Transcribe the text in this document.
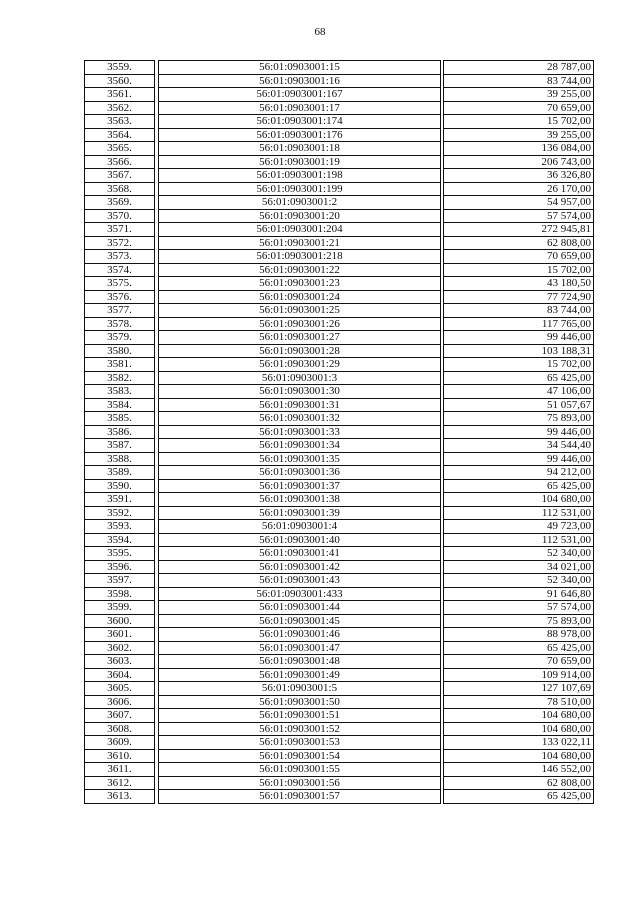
68
3559.		56:01:0903001:15		28 787,00
3560.		56:01:0903001:16		83 744,00
3561.		56:01:0903001:167		39 255,00
3562.		56:01:0903001:17		70 659,00
3563.		56:01:0903001:174		15 702,00
3564.		56:01:0903001:176		39 255,00
3565.		56:01:0903001:18		136 084,00
3566.		56:01:0903001:19		206 743,00
3567.		56:01:0903001:198		36 326,80
3568.		56:01:0903001:199		26 170,00
3569.		56:01:0903001:2		54 957,00
3570.		56:01:0903001:20		57 574,00
3571.		56:01:0903001:204		272 945,81
3572.		56:01:0903001:21		62 808,00
3573.		56:01:0903001:218		70 659,00
3574.		56:01:0903001:22		15 702,00
3575.		56:01:0903001:23		43 180,50
3576.		56:01:0903001:24		77 724,90
3577.		56:01:0903001:25		83 744,00
3578.		56:01:0903001:26		117 765,00
3579.		56:01:0903001:27		99 446,00
3580.		56:01:0903001:28		103 188,31
3581.		56:01:0903001:29		15 702,00
3582.		56:01:0903001:3		65 425,00
3583.		56:01:0903001:30		47 106,00
3584.		56:01:0903001:31		51 057,67
3585.		56:01:0903001:32		75 893,00
3586.		56:01:0903001:33		99 446,00
3587.		56:01:0903001:34		34 544,40
3588.		56:01:0903001:35		99 446,00
3589.		56:01:0903001:36		94 212,00
3590.		56:01:0903001:37		65 425,00
3591.		56:01:0903001:38		104 680,00
3592.		56:01:0903001:39		112 531,00
3593.		56:01:0903001:4		49 723,00
3594.		56:01:0903001:40		112 531,00
3595.		56:01:0903001:41		52 340,00
3596.		56:01:0903001:42		34 021,00
3597.		56:01:0903001:43		52 340,00
3598.		56:01:0903001:433		91 646,80
3599.		56:01:0903001:44		57 574,00
3600.		56:01:0903001:45		75 893,00
3601.		56:01:0903001:46		88 978,00
3602.		56:01:0903001:47		65 425,00
3603.		56:01:0903001:48		70 659,00
3604.		56:01:0903001:49		109 914,00
3605.		56:01:0903001:5		127 107,69
3606.		56:01:0903001:50		78 510,00
3607.		56:01:0903001:51		104 680,00
3608.		56:01:0903001:52		104 680,00
3609.		56:01:0903001:53		133 022,11
3610.		56:01:0903001:54		104 680,00
3611.		56:01:0903001:55		146 552,00
3612.		56:01:0903001:56		62 808,00
3613.		56:01:0903001:57		65 425,00
